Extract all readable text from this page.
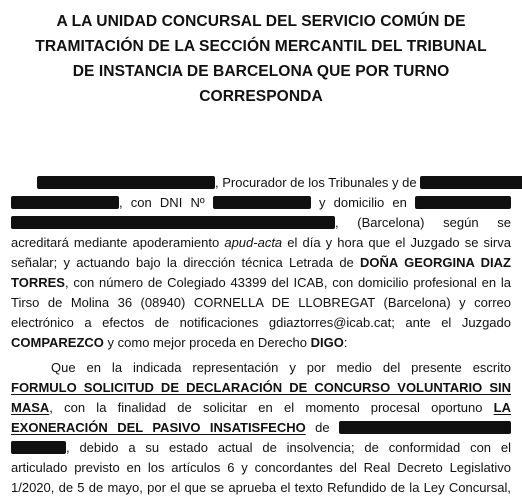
A LA UNIDAD CONCURSAL DEL SERVICIO COMÚN DE
TRAMITACIÓN DE LA SECCIÓN MERCANTIL DEL TRIBUNAL
DE INSTANCIA DE BARCELONA QUE POR TURNO
CORRESPONDA
, Procurador de los Tribunales y de
, con DNI Nº	y domicilio en
, (Barcelona) según se
acreditará mediante apoderamiento apud-acta el día y hora que el Juzgado se sirva
señalar; y actuando bajo la dirección técnica Letrada de DOÑA GEORGINA DIAZ
TORRES, con número de Colegiado 43399 del ICAB, con domicilio profesional en la
Tirso de Molina 36 (08940) CORNELLA DE LLOBREGAT (Barcelona) y correo
electrónico a efectos de notificaciones gdiaztorres@icab.cat; ante el Juzgado
COMPAREZCO y como mejor proceda en Derecho DIGO:
Que en la indicada representación y por medio del presente escrito
FORMULO SOLICITUD DE DECLARACIÓN DE CONCURSO VOLUNTARIO SIN
MASA, con la finalidad de solicitar en el momento procesal oportuno LA
EXONERACIÓN DEL PASIVO INSATISFECHO de
, debido a su estado actual de insolvencia; de conformidad con el
articulado previsto en los artículos 6 y concordantes del Real Decreto Legislativo
1/2020, de 5 de mayo, por el que se aprueba el texto Refundido de la Ley Concursal,
